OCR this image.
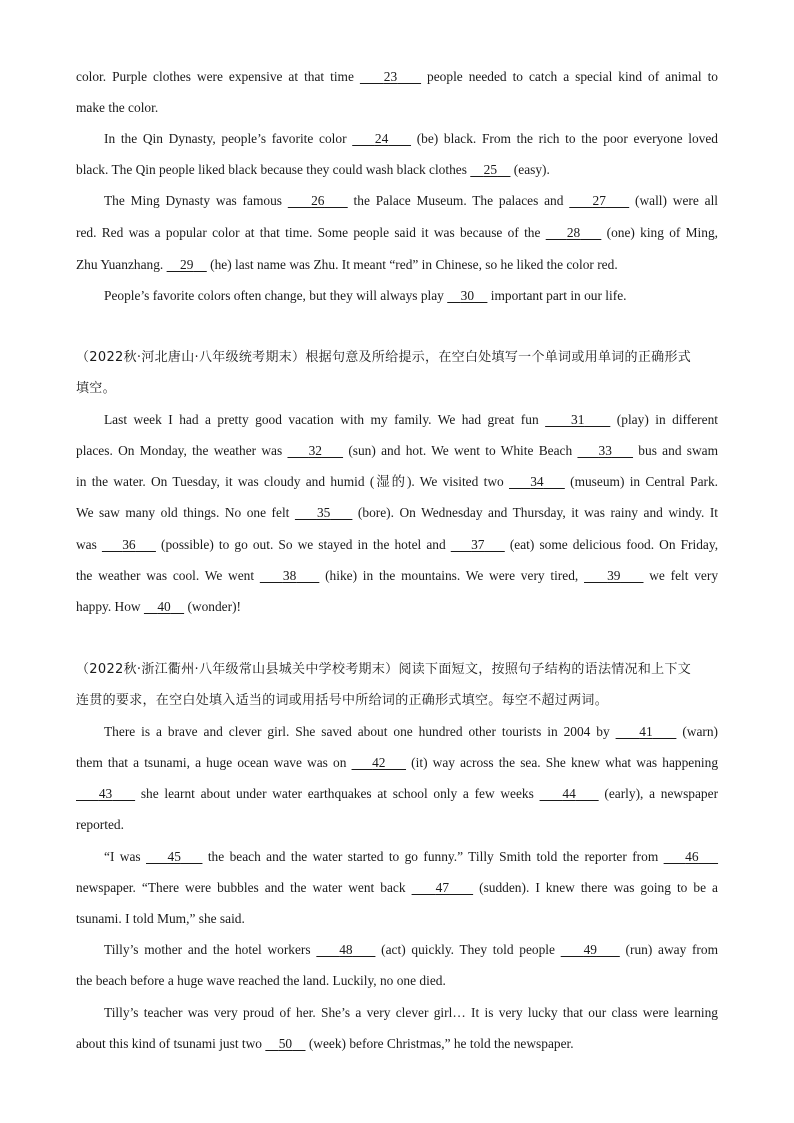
color. Purple clothes were expensive at that time 23 people needed to catch a special kind of animal to
make the color.
In the Qin Dynasty, people’s favorite color 24 (be) black. From the rich to the poor everyone loved
black. The Qin people liked black because they could wash black clothes 25 (easy).
The Ming Dynasty was famous 26 the Palace Museum. The palaces and 27 (wall) were all
red. Red was a popular color at that time. Some people said it was because of the 28 (one) king of Ming,
Zhu Yuanzhang. 29 (he) last name was Zhu. It meant “red” in Chinese, so he liked the color red.
People’s favorite colors often change, but they will always play 30 important part in our life.
（2022秋·河北唐山·八年级统考期末）根据句意及所给提示，在空白处填写一个单词或用单词的正确形式
填空。
Last week I had a pretty good vacation with my family. We had great fun 31 (play) in different
places. On Monday, the weather was 32 (sun) and hot. We went to White Beach 33 bus and swam
in the water. On Tuesday, it was cloudy and humid (湿的). We visited two 34 (museum) in Central Park.
We saw many old things. No one felt 35 (bore). On Wednesday and Thursday, it was rainy and windy. It
was 36 (possible) to go out. So we stayed in the hotel and 37 (eat) some delicious food. On Friday,
the weather was cool. We went 38 (hike) in the mountains. We were very tired, 39 we felt very
happy. How 40 (wonder)!
（2022秋·浙江衢州·八年级常山县城关中学校考期末）阅读下面短文，按照句子结构的语法情况和上下文
连贯的要求，在空白处填入适当的词或用括号中所给词的正确形式填空。每空不超过两词。
There is a brave and clever girl. She saved about one hundred other tourists in 2004 by 41 (warn)
them that a tsunami, a huge ocean wave was on 42 (it) way across the sea. She knew what was happening
43 she learnt about under water earthquakes at school only a few weeks 44 (early), a newspaper
reported.
“I was 45 the beach and the water started to go funny.” Tilly Smith told the reporter from 46
newspaper. “There were bubbles and the water went back 47 (sudden). I knew there was going to be a
tsunami. I told Mum,” she said.
Tilly’s mother and the hotel workers 48 (act) quickly. They told people 49 (run) away from
the beach before a huge wave reached the land. Luckily, no one died.
Tilly’s teacher was very proud of her. She’s a very clever girl… It is very lucky that our class were learning
about this kind of tsunami just two 50 (week) before Christmas,” he told the newspaper.
